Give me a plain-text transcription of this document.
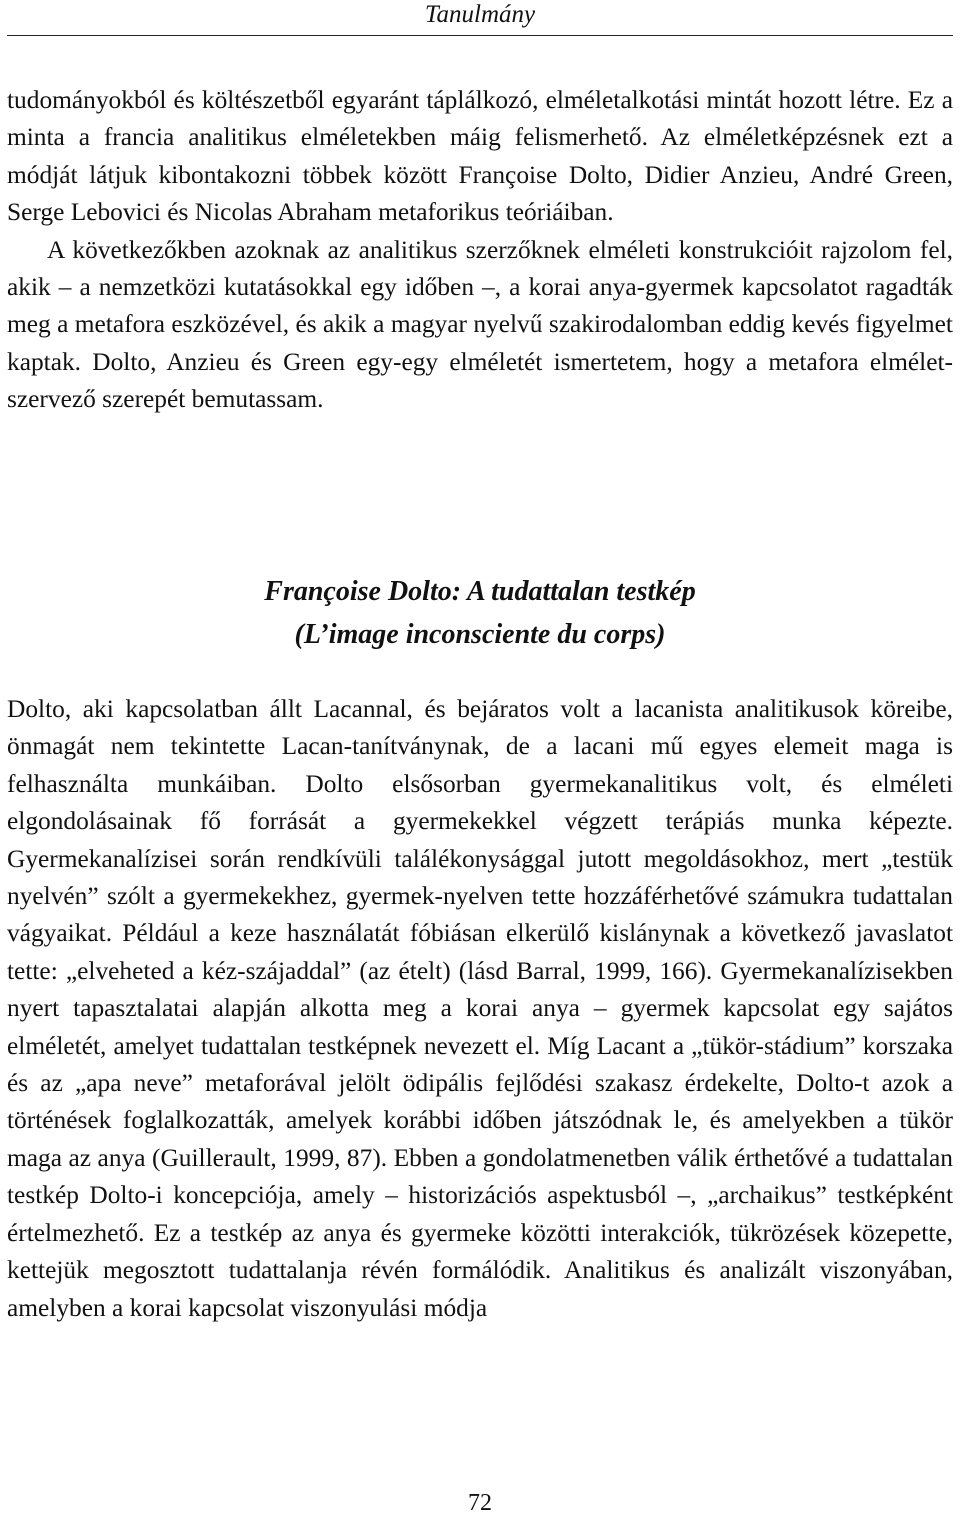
Tanulmány

tudományokból és költészetből egyaránt táplálkozó, elméletalkotási mintát hozott létre. Ez a minta a francia analitikus elméletekben máig felismerhető. Az elméletképzésnek ezt a módját látjuk kibontakozni többek között Françoise Dolto, Didier Anzieu, André Green, Serge Lebovici és Nicolas Abraham metaforikus teóriáiban.

A következőkben azoknak az analitikus szerzőknek elméleti konstrukcióit rajzolom fel, akik – a nemzetközi kutatásokkal egy időben –, a korai anya-gyermek kapcsolatot ragadták meg a metafora eszközével, és akik a magyar nyelvű szakirodalomban eddig kevés figyelmet kaptak. Dolto, Anzieu és Green egy-egy elméletét ismertetem, hogy a metafora elmélet-szervező szerepét bemutassam.

Françoise Dolto: A tudattalan testkép
(L’image inconsciente du corps)

Dolto, aki kapcsolatban állt Lacannal, és bejáratos volt a lacanista analitikusok köreibe, önmagát nem tekintette Lacan-tanítványnak, de a lacani mű egyes elemeit maga is felhasználta munkáiban. Dolto elsősorban gyermekanalitikus volt, és elméleti elgondolásainak fő forrását a gyermekekkel végzett terápiás munka képezte. Gyermekanalízisei során rendkívüli találékonysággal jutott megoldásokhoz, mert „testük nyelvén” szólt a gyermekekhez, gyermek-nyelven tette hozzáférhetővé számukra tudattalan vágyaikat. Például a keze használatát fóbiásan elkerülő kislánynak a következő javaslatot tette: „elveheted a kéz-szájaddal” (az ételt) (lásd Barral, 1999, 166). Gyermekanalízisekben nyert tapasztalatai alapján alkotta meg a korai anya – gyermek kapcsolat egy sajátos elméletét, amelyet tudattalan testképnek nevezett el. Míg Lacant a „tükör-stádium” korszaka és az „apa neve” metaforával jelölt ödipális fejlődési szakasz érdekelte, Dolto-t azok a történések foglalkozatták, amelyek korábbi időben játszódnak le, és amelyekben a tükör maga az anya (Guillerault, 1999, 87). Ebben a gondolatmenetben válik érthetővé a tudattalan testkép Dolto-i koncepciója, amely – historizációs aspektusból –, „archaikus” testképként értelmezhető. Ez a testkép az anya és gyermeke közötti interakciók, tükrözések közepette, kettejük megosztott tudattalanja révén formálódik. Analitikus és analizált viszonyában, amelyben a korai kapcsolat viszonyulási módja

72
